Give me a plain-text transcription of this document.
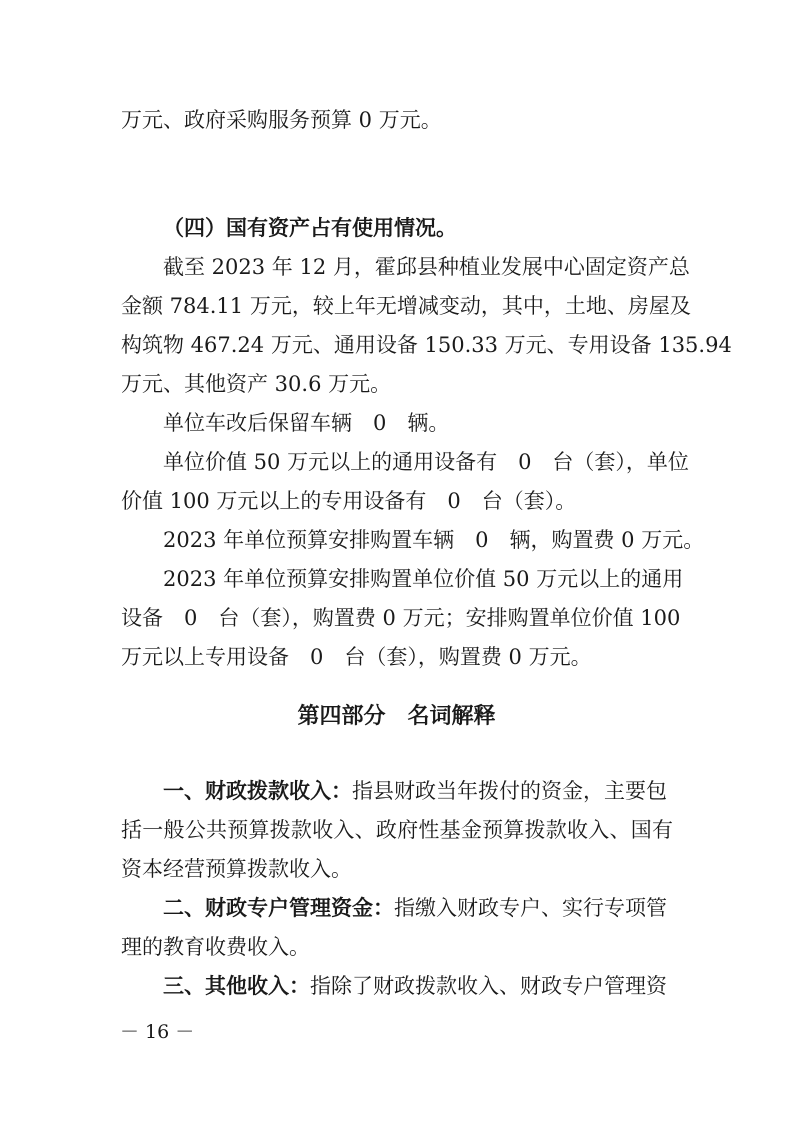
万元、政府采购服务预算 0 万元。

（四）国有资产占有使用情况。

截至 2023 年 12 月，霍邱县种植业发展中心固定资产总

金额 784.11 万元，较上年无增减变动，其中，土地、房屋及

构筑物 467.24 万元、通用设备 150.33 万元、专用设备 135.94

万元、其他资产 30.6 万元。

单位车改后保留车辆　0　辆。

单位价值 50 万元以上的通用设备有　0　台（套），单位

价值 100 万元以上的专用设备有　0　台（套）。

2023 年单位预算安排购置车辆　0　辆，购置费 0 万元。

2023 年单位预算安排购置单位价值 50 万元以上的通用

设备　0　台（套），购置费 0 万元；安排购置单位价值 100

万元以上专用设备　0　台（套），购置费 0 万元。

第四部分　名词解释

一、财政拨款收入：指县财政当年拨付的资金，主要包

括一般公共预算拨款收入、政府性基金预算拨款收入、国有

资本经营预算拨款收入。

二、财政专户管理资金：指缴入财政专户、实行专项管

理的教育收费收入。

三、其他收入：指除了财政拨款收入、财政专户管理资

－ 16 －
